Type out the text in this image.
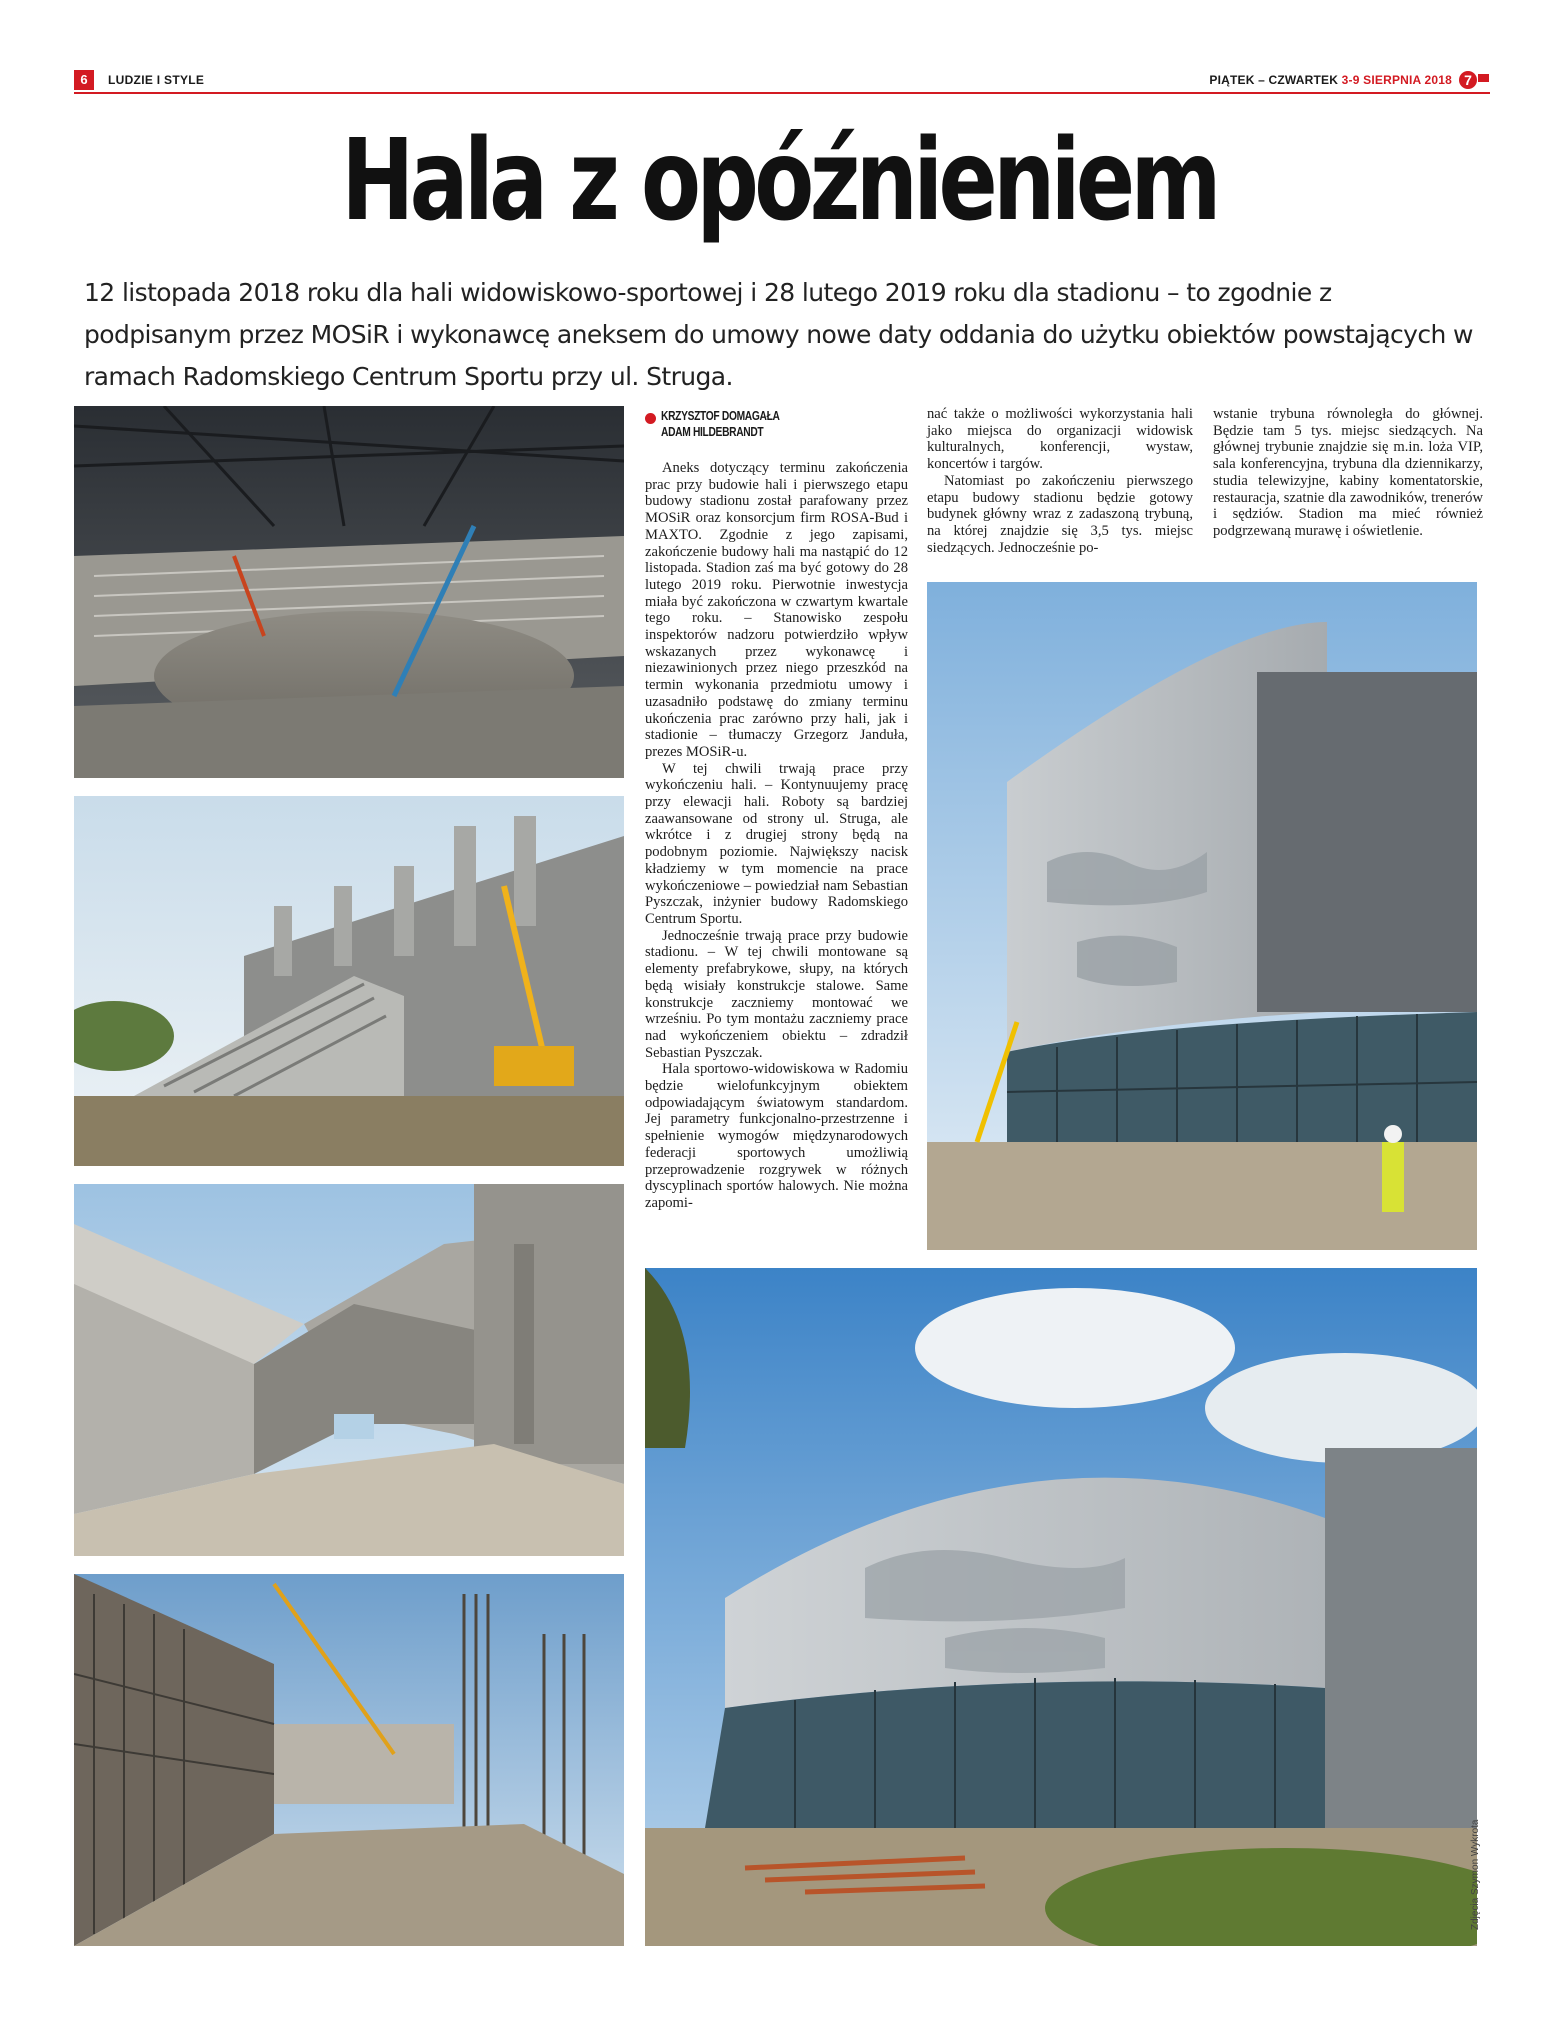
6	LUDZIE I STYLE	PIĄTEK – CZWARTEK 3-9 SIERPNIA 2018 7
Hala z opóźnieniem

12 listopada 2018 roku dla hali widowiskowo-sportowej i 28 lutego 2019 roku dla stadionu – to zgodnie z podpisanym przez MOSiR i wykonawcę aneksem do umowy nowe daty oddania do użytku obiektów powstających w ramach Radomskiego Centrum Sportu przy ul. Struga.

KRZYSZTOF DOMAGAŁA
ADAM HILDEBRANDT

Aneks dotyczący terminu zakończenia prac przy budowie hali i pierwszego etapu budowy stadionu został parafowany przez MOSiR oraz konsorcjum firm ROSA-Bud i MAXTO. Zgodnie z jego zapisami, zakończenie budowy hali ma nastąpić do 12 listopada. Stadion zaś ma być gotowy do 28 lutego 2019 roku. Pierwotnie inwestycja miała być zakończona w czwartym kwartale tego roku. – Stanowisko zespołu inspektorów nadzoru potwierdziło wpływ wskazanych przez wykonawcę i niezawinionych przez niego przeszkód na termin wykonania przedmiotu umowy i uzasadniło podstawę do zmiany terminu ukończenia prac zarówno przy hali, jak i stadionie – tłumaczy Grzegorz Janduła, prezes MOSiR-u.

W tej chwili trwają prace przy wykończeniu hali. – Kontynuujemy pracę przy elewacji hali. Roboty są bardziej zaawansowane od strony ul. Struga, ale wkrótce i z drugiej strony będą na podobnym poziomie. Największy nacisk kładziemy w tym momencie na prace wykończeniowe – powiedział nam Sebastian Pyszczak, inżynier budowy Radomskiego Centrum Sportu.

Jednocześnie trwają prace przy budowie stadionu. – W tej chwili montowane są elementy prefabrykowe, słupy, na których będą wisiały konstrukcje stalowe. Same konstrukcje zaczniemy montować we wrześniu. Po tym montażu zaczniemy prace nad wykończeniem obiektu – zdradził Sebastian Pyszczak.

Hala sportowo-widowiskowa w Radomiu będzie wielofunkcyjnym obiektem odpowiadającym światowym standardom. Jej parametry funkcjonalno-przestrzenne i spełnienie wymogów międzynarodowych federacji sportowych umożliwią przeprowadzenie rozgrywek w różnych dyscyplinach sportów halowych. Nie można zapomi-

nać także o możliwości wykorzystania hali jako miejsca do organizacji widowisk kulturalnych, konferencji, wystaw, koncertów i targów.

Natomiast po zakończeniu pierwszego etapu budowy stadionu będzie gotowy budynek główny wraz z zadaszoną trybuną, na której znajdzie się 3,5 tys. miejsc siedzących. Jednocześnie po-

wstanie trybuna równoległa do głównej. Będzie tam 5 tys. miejsc siedzących. Na głównej trybunie znajdzie się m.in. loża VIP, sala konferencyjna, trybuna dla dziennikarzy, studia telewizyjne, kabiny komentatorskie, restauracja, szatnie dla zawodników, trenerów i sędziów. Stadion ma mieć również podgrzewaną murawę i oświetlenie.

Zdjęcia Szymon Wykrota
